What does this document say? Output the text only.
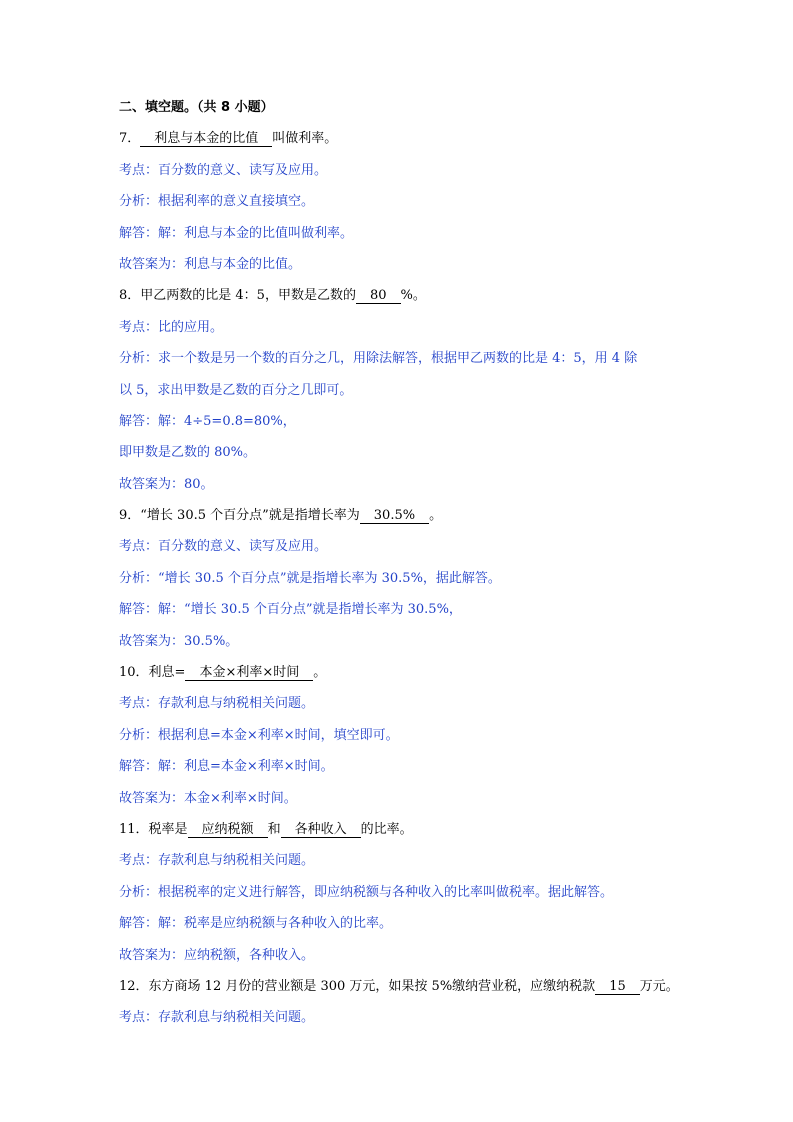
二、填空题。（共 8 小题）
7． 利息与本金的比值 叫做利率。
考点：百分数的意义、读写及应用。
分析：根据利率的意义直接填空。
解答：解：利息与本金的比值叫做利率。
故答案为：利息与本金的比值。
8．甲乙两数的比是 4：5，甲数是乙数的 80 %。
考点：比的应用。
分析：求一个数是另一个数的百分之几，用除法解答，根据甲乙两数的比是 4：5，用 4 除
以 5，求出甲数是乙数的百分之几即可。
解答：解：4÷5=0.8=80%，
即甲数是乙数的 80%。
故答案为：80。
9．“增长 30.5 个百分点”就是指增长率为 30.5% 。
考点：百分数的意义、读写及应用。
分析：“增长 30.5 个百分点”就是指增长率为 30.5%，据此解答。
解答：解：“增长 30.5 个百分点”就是指增长率为 30.5%，
故答案为：30.5%。
10．利息= 本金×利率×时间 。
考点：存款利息与纳税相关问题。
分析：根据利息=本金×利率×时间，填空即可。
解答：解：利息=本金×利率×时间。
故答案为：本金×利率×时间。
11．税率是 应纳税额 和 各种收入 的比率。
考点：存款利息与纳税相关问题。
分析：根据税率的定义进行解答，即应纳税额与各种收入的比率叫做税率。据此解答。
解答：解：税率是应纳税额与各种收入的比率。
故答案为：应纳税额，各种收入。
12．东方商场 12 月份的营业额是 300 万元，如果按 5%缴纳营业税，应缴纳税款 15 万元。
考点：存款利息与纳税相关问题。
